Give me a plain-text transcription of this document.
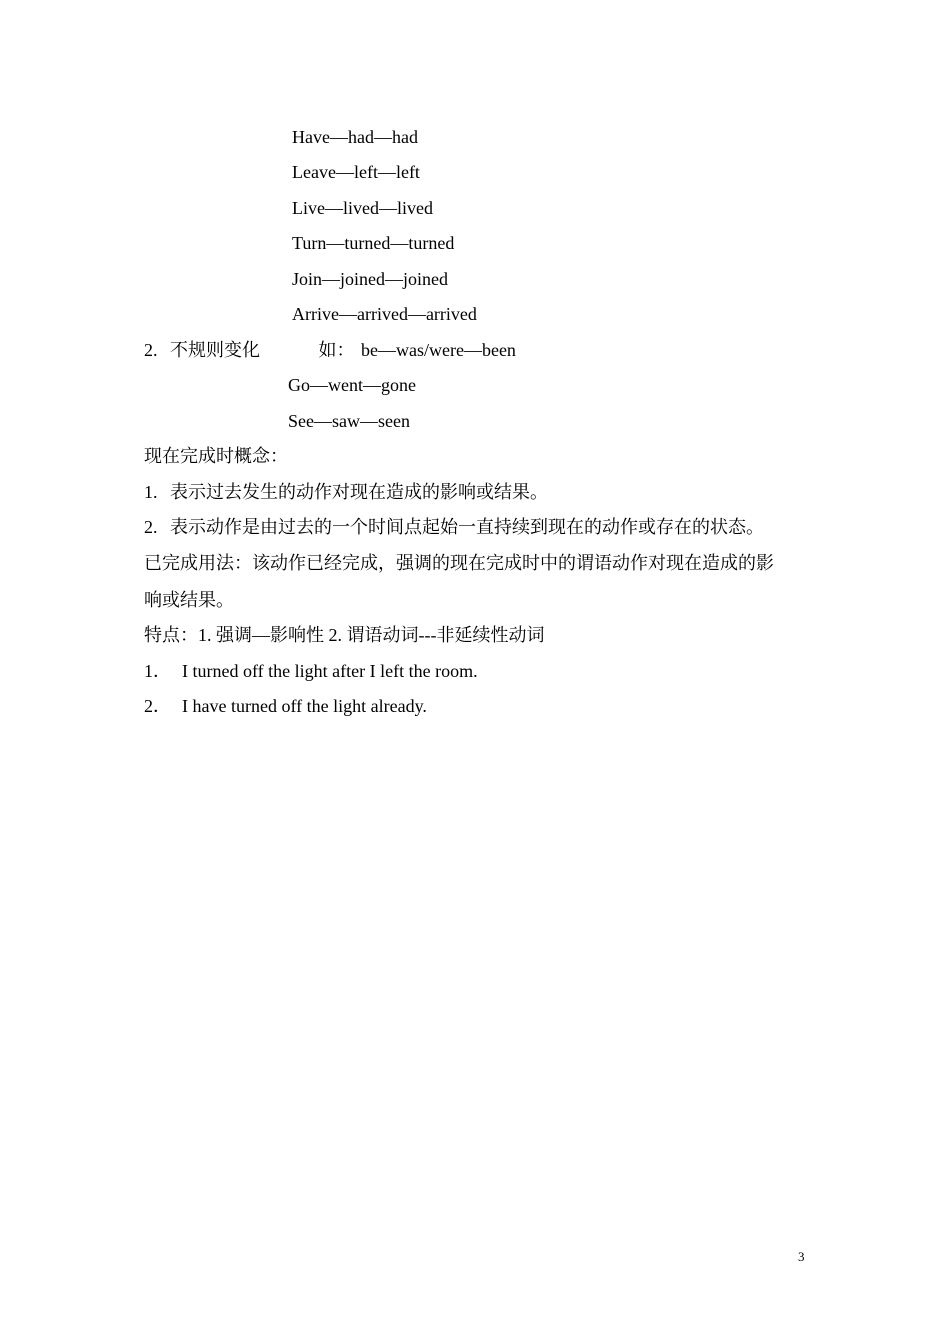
Have—had—had
Leave—left—left
Live—lived—lived
Turn—turned—turned
Join—joined—joined
Arrive—arrived—arrived
2. 不规则变化	如： be—was/were—been
Go—went—gone
See—saw—seen
现在完成时概念：
1. 表示过去发生的动作对现在造成的影响或结果。
2. 表示动作是由过去的一个时间点起始一直持续到现在的动作或存在的状态。
已完成用法：该动作已经完成，强调的现在完成时中的谓语动作对现在造成的影
响或结果。
特点：1. 强调—影响性 2. 谓语动词---非延续性动词
1． I turned off the light after I left the room.
2． I have turned off the light already.
3
